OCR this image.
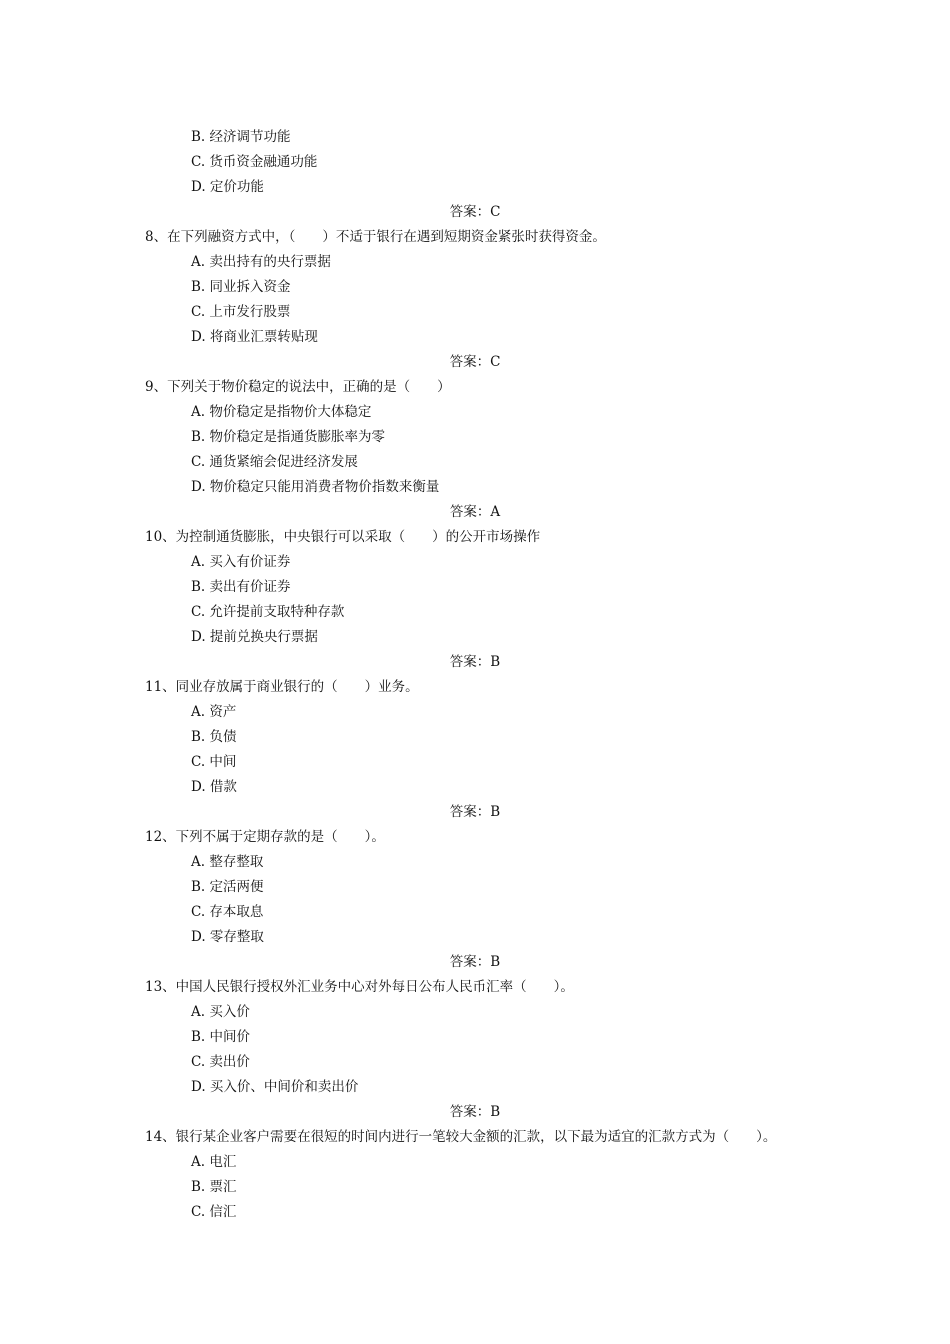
B. 经济调节功能
C. 货币资金融通功能
D. 定价功能
答案：C
8、在下列融资方式中，（　　）不适于银行在遇到短期资金紧张时获得资金。
A. 卖出持有的央行票据
B. 同业拆入资金
C. 上市发行股票
D. 将商业汇票转贴现
答案：C
9、下列关于物价稳定的说法中，正确的是（　　）
A. 物价稳定是指物价大体稳定
B. 物价稳定是指通货膨胀率为零
C. 通货紧缩会促进经济发展
D. 物价稳定只能用消费者物价指数来衡量
答案：A
10、为控制通货膨胀，中央银行可以采取（　　）的公开市场操作
A. 买入有价证券
B. 卖出有价证券
C. 允许提前支取特种存款
D. 提前兑换央行票据
答案：B
11、同业存放属于商业银行的（　　）业务。
A. 资产
B. 负债
C. 中间
D. 借款
答案：B
12、下列不属于定期存款的是（　　）。
A. 整存整取
B. 定活两便
C. 存本取息
D. 零存整取
答案：B
13、中国人民银行授权外汇业务中心对外每日公布人民币汇率（　　）。
A. 买入价
B. 中间价
C. 卖出价
D. 买入价、中间价和卖出价
答案：B
14、银行某企业客户需要在很短的时间内进行一笔较大金额的汇款，以下最为适宜的汇款方式为（　　）。
A. 电汇
B. 票汇
C. 信汇
